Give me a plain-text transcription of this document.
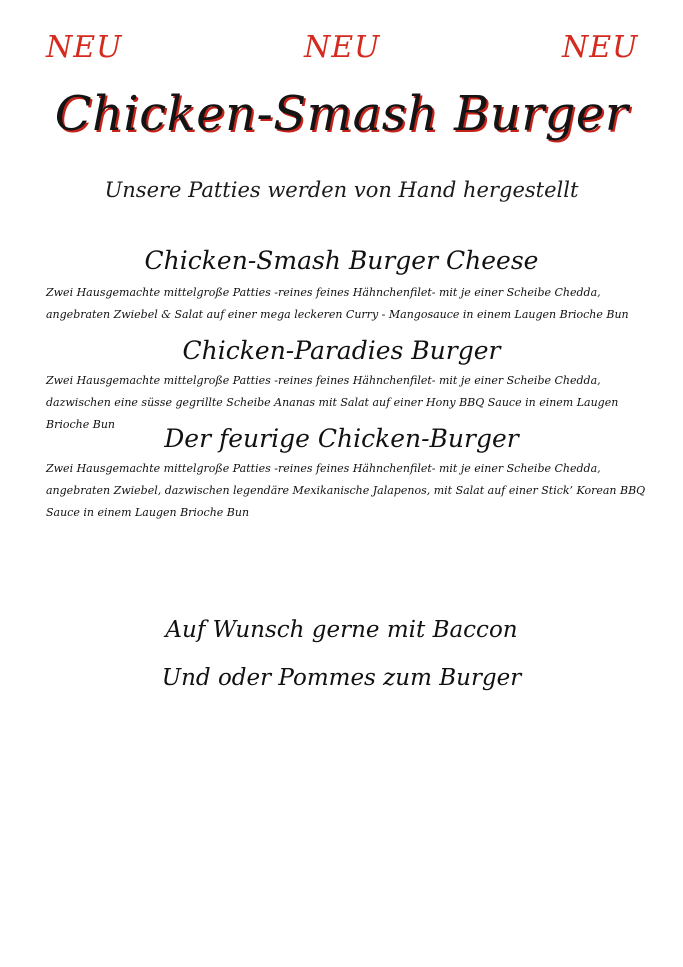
NEU	NEU	NEU
Chicken-Smash Burger
Unsere Patties werden von Hand hergestellt
Chicken-Smash Burger Cheese
Zwei Hausgemachte mittelgroße Patties -reines feines Hähnchenfilet- mit je einer Scheibe Chedda, angebraten Zwiebel & Salat auf einer mega leckeren Curry - Mangosauce in einem Laugen Brioche Bun
Chicken-Paradies Burger
Zwei Hausgemachte mittelgroße Patties -reines feines Hähnchenfilet- mit je einer Scheibe Chedda, dazwischen eine süsse gegrillte Scheibe Ananas mit Salat auf einer Hony BBQ Sauce in einem Laugen Brioche Bun	Der feurige Chicken-Burger
Zwei Hausgemachte mittelgroße Patties -reines feines Hähnchenfilet- mit je einer Scheibe Chedda, angebraten Zwiebel, dazwischen legendäre Mexikanische Jalapenos, mit Salat auf einer Stick’ Korean BBQ Sauce in einem Laugen Brioche Bun
Auf Wunsch gerne mit Baccon
Und oder Pommes zum Burger
